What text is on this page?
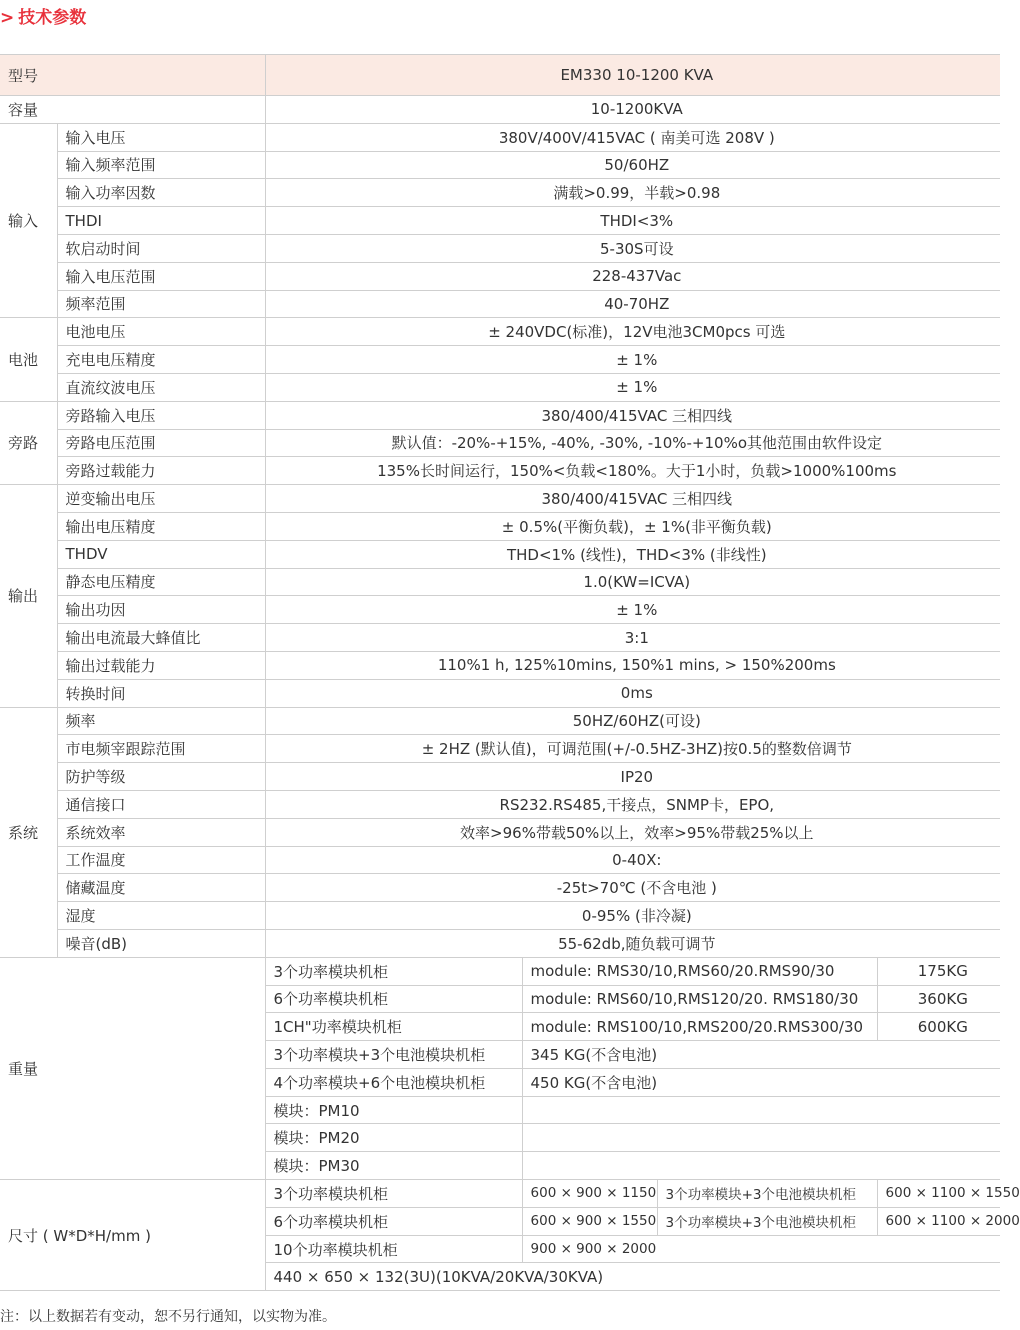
> 技术参数
型号		EM330 10-1200 KVA			
容量		10-1200KVA			
输入	输入电压	380V/400V/415VAC ( 南美可选 208V )			
	输入频率范围	50/60HZ			
	输入功率因数	满载>0.99，半载>0.98			
	THDI	THDI<3%			
	软启动时间	5-30S可设			
	输入电压范围	228-437Vac			
	频率范围	40-70HZ			
电池	电池电压	± 240VDC(标准)，12V电池3CM0pcs 可选			
	充电电压精度	± 1%			
	直流纹波电压	± 1%			
旁路	旁路输入电压	380/400/415VAC 三相四线			
	旁路电压范围	默认值：-20%-+15%, -40%, -30%, -10%-+10%o其他范围由软件设定			
	旁路过载能力	135%长时间运行，150%<负载<180%。大于1小时，负载>1000%100ms			
输出	逆变输出电压	380/400/415VAC 三相四线			
	输出电压精度	± 0.5%(平衡负载)，± 1%(非平衡负载)			
	THDV	THD<1% (线性)，THD<3% (非线性)			
	静态电压精度	1.0(KW=ICVA)			
	输出功因	± 1%			
	输出电流最大蜂值比	3:1			
	输出过载能力	110%1 h, 125%10mins, 150%1 mins, > 150%200ms			
	转换时间	0ms			
系统	频率	50HZ/60HZ(可设)			
	市电频宰跟踪范围	± 2HZ (默认值)，可调范围(+/-0.5HZ-3HZ)按0.5的整数倍调节			
	防护等级	IP20			
	通信接口	RS232.RS485,干接点，SNMP卡，EPO,			
	系统效率	效率>96%带载50%以上，效率>95%带载25%以上			
	工作温度	0-40X:			
	储藏温度	-25t>70℃ (不含电池 )			
	湿度	0-95% (非冷凝)			
	噪音(dB)	55-62db,随负载可调节			
重量		3个功率模块机柜	module: RMS30/10,RMS60/20.RMS90/30		175KG
		6个功率模块机柜	module: RMS60/10,RMS120/20. RMS180/30		360KG
		1CH"功率模块机柜	module: RMS100/10,RMS200/20.RMS300/30		600KG
		3个功率模块+3个电池模块机柜	345 KG(不含电池)		
		4个功率模块+6个电池模块机柜	450 KG(不含电池)		
		模块：PM10			
		模块：PM20			
		模块：PM30			
尺寸 ( W*D*H/mm )		3个功率模块机柜	600 × 900 × 1150	3个功率模块+3个电池模块机柜	600 × 1100 × 1550
		6个功率模块机柜	600 × 900 × 1550	3个功率模块+3个电池模块机柜	600 × 1100 × 2000
		10个功率模块机柜	900 × 900 × 2000		
		440 × 650 × 132(3U)(10KVA/20KVA/30KVA)			
注：以上数据若有变动，恕不另行通知，以实物为准。
